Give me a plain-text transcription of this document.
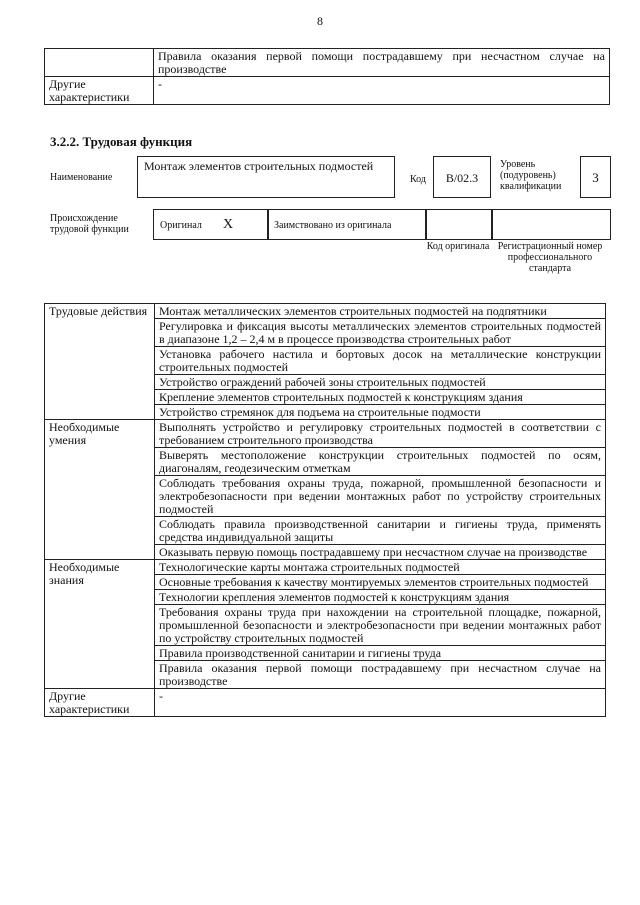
8
	Правила оказания первой помощи пострадавшему при несчастном случае на производстве
Другие характеристики	-
3.2.2. Трудовая функция
Наименование
Монтаж элементов строительных подмостей
Код	B/02.3
Уровень (подуровень) квалификации
3
Происхождение трудовой функции	Оригинал X	Заимствовано из оригинала
Код оригинала Регистрационный номер профессионального стандарта
Трудовые действия	Монтаж металлических элементов строительных подмостей на подпятники
	Регулировка и фиксация высоты металлических элементов строительных подмостей в диапазоне 1,2 – 2,4 м в процессе производства строительных работ
	Установка рабочего настила и бортовых досок на металлические конструкции строительных подмостей
	Устройство ограждений рабочей зоны строительных подмостей
	Крепление элементов строительных подмостей к конструкциям здания
	Устройство стремянок для подъема на строительные подмости
Необходимые умения	Выполнять устройство и регулировку строительных подмостей в соответствии с требованием строительного производства
	Выверять местоположение конструкции строительных подмостей по осям, диагоналям, геодезическим отметкам
	Соблюдать требования охраны труда, пожарной, промышленной безопасности и электробезопасности при ведении монтажных работ по устройству строительных подмостей
	Соблюдать правила производственной санитарии и гигиены труда, применять средства индивидуальной защиты
	Оказывать первую помощь пострадавшему при несчастном случае на производстве
Необходимые знания	Технологические карты монтажа строительных подмостей
	Основные требования к качеству монтируемых элементов строительных подмостей
	Технологии крепления элементов подмостей к конструкциям здания
	Требования охраны труда при нахождении на строительной площадке, пожарной, промышленной безопасности и электробезопасности при ведении монтажных работ по устройству строительных подмостей
	Правила производственной санитарии и гигиены труда
	Правила оказания первой помощи пострадавшему при несчастном случае на производстве
Другие характеристики	-
